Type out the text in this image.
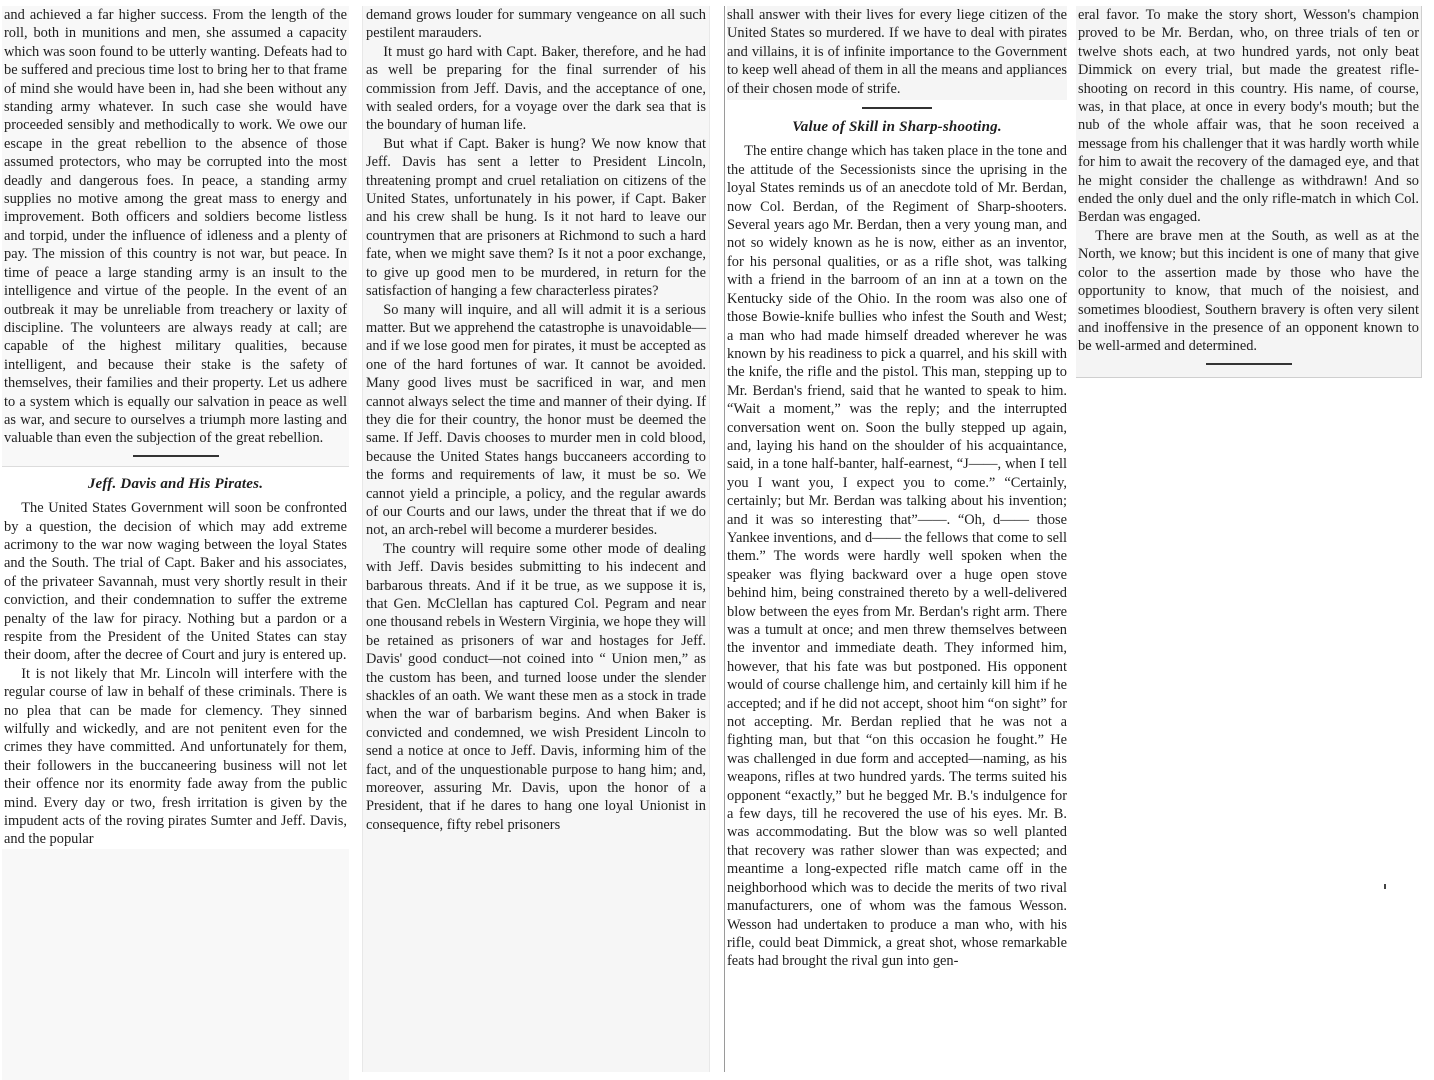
and achieved a far higher success. From the length of the roll, both in munitions and men, she assumed a capacity which was soon found to be utterly wanting. Defeats had to be suffered and precious time lost to bring her to that frame of mind she would have been in, had she been without any standing army whatever. In such case she would have proceeded sensibly and methodically to work. We owe our escape in the great rebellion to the absence of those assumed protectors, who may be corrupted into the most deadly and dangerous foes. In peace, a standing army supplies no motive among the great mass to energy and improvement. Both officers and soldiers become listless and torpid, under the influence of idleness and a plenty of pay. The mission of this country is not war, but peace. In time of peace a large standing army is an insult to the intelligence and virtue of the people. In the event of an outbreak it may be unreliable from treachery or laxity of discipline. The volunteers are always ready at call; are capable of the highest military qualities, because intelligent, and because their stake is the safety of themselves, their families and their property. Let us adhere to a system which is equally our salvation in peace as well as war, and secure to ourselves a triumph more lasting and valuable than even the subjection of the great rebellion.

Jeff. Davis and His Pirates.

The United States Government will soon be confronted by a question, the decision of which may add extreme acrimony to the war now waging between the loyal States and the South. The trial of Capt. Baker and his associates, of the privateer Savannah, must very shortly result in their conviction, and their condemnation to suffer the extreme penalty of the law for piracy. Nothing but a pardon or a respite from the President of the United States can stay their doom, after the decree of Court and jury is entered up.

It is not likely that Mr. Lincoln will interfere with the regular course of law in behalf of these criminals. There is no plea that can be made for clemency. They sinned wilfully and wickedly, and are not penitent even for the crimes they have committed. And unfortunately for them, their followers in the buccaneering business will not let their offence nor its enormity fade away from the public mind. Every day or two, fresh irritation is given by the impudent acts of the roving pirates Sumter and Jeff. Davis, and the popular

demand grows louder for summary vengeance on all such pestilent marauders.

It must go hard with Capt. Baker, therefore, and he had as well be preparing for the final surrender of his commission from Jeff. Davis, and the acceptance of one, with sealed orders, for a voyage over the dark sea that is the boundary of human life.

But what if Capt. Baker is hung? We now know that Jeff. Davis has sent a letter to President Lincoln, threatening prompt and cruel retaliation on citizens of the United States, unfortunately in his power, if Capt. Baker and his crew shall be hung. Is it not hard to leave our countrymen that are prisoners at Richmond to such a hard fate, when we might save them? Is it not a poor exchange, to give up good men to be murdered, in return for the satisfaction of hanging a few characterless pirates?

So many will inquire, and all will admit it is a serious matter. But we apprehend the catastrophe is unavoidable—and if we lose good men for pirates, it must be accepted as one of the hard fortunes of war. It cannot be avoided. Many good lives must be sacrificed in war, and men cannot always select the time and manner of their dying. If they die for their country, the honor must be deemed the same. If Jeff. Davis chooses to murder men in cold blood, because the United States hangs buccaneers according to the forms and requirements of law, it must be so. We cannot yield a principle, a policy, and the regular awards of our Courts and our laws, under the threat that if we do not, an arch-rebel will become a murderer besides.

The country will require some other mode of dealing with Jeff. Davis besides submitting to his indecent and barbarous threats. And if it be true, as we suppose it is, that Gen. McClellan has captured Col. Pegram and near one thousand rebels in Western Virginia, we hope they will be retained as prisoners of war and hostages for Jeff. Davis' good conduct—not coined into “ Union men,” as the custom has been, and turned loose under the slender shackles of an oath. We want these men as a stock in trade when the war of barbarism begins. And when Baker is convicted and condemned, we wish President Lincoln to send a notice at once to Jeff. Davis, informing him of the fact, and of the unquestionable purpose to hang him; and, moreover, assuring Mr. Davis, upon the honor of a President, that if he dares to hang one loyal Unionist in consequence, fifty rebel prisoners

shall answer with their lives for every liege citizen of the United States so murdered. If we have to deal with pirates and villains, it is of infinite importance to the Government to keep well ahead of them in all the means and appliances of their chosen mode of strife.

Value of Skill in Sharp-shooting.

The entire change which has taken place in the tone and the attitude of the Secessionists since the uprising in the loyal States reminds us of an anecdote told of Mr. Berdan, now Col. Berdan, of the Regiment of Sharp-shooters. Several years ago Mr. Berdan, then a very young man, and not so widely known as he is now, either as an inventor, for his personal qualities, or as a rifle shot, was talking with a friend in the barroom of an inn at a town on the Kentucky side of the Ohio. In the room was also one of those Bowie-knife bullies who infest the South and West; a man who had made himself dreaded wherever he was known by his readiness to pick a quarrel, and his skill with the knife, the rifle and the pistol. This man, stepping up to Mr. Berdan's friend, said that he wanted to speak to him. “Wait a moment,” was the reply; and the interrupted conversation went on. Soon the bully stepped up again, and, laying his hand on the shoulder of his acquaintance, said, in a tone half-banter, half-earnest, “J——, when I tell you I want you, I expect you to come.” “Certainly, certainly; but Mr. Berdan was talking about his invention; and it was so interesting that”——. “Oh, d—— those Yankee inventions, and d—— the fellows that come to sell them.” The words were hardly well spoken when the speaker was flying backward over a huge open stove behind him, being constrained thereto by a well-delivered blow between the eyes from Mr. Berdan's right arm. There was a tumult at once; and men threw themselves between the inventor and immediate death. They informed him, however, that his fate was but postponed. His opponent would of course challenge him, and certainly kill him if he accepted; and if he did not accept, shoot him “on sight” for not accepting. Mr. Berdan replied that he was not a fighting man, but that “on this occasion he fought.” He was challenged in due form and accepted—naming, as his weapons, rifles at two hundred yards. The terms suited his opponent “exactly,” but he begged Mr. B.'s indulgence for a few days, till he recovered the use of his eyes. Mr. B. was accommodating. But the blow was so well planted that recovery was rather slower than was expected; and meantime a long-expected rifle match came off in the neighborhood which was to decide the merits of two rival manufacturers, one of whom was the famous Wesson. Wesson had undertaken to produce a man who, with his rifle, could beat Dimmick, a great shot, whose remarkable feats had brought the rival gun into gen-

eral favor. To make the story short, Wesson's champion proved to be Mr. Berdan, who, on three trials of ten or twelve shots each, at two hundred yards, not only beat Dimmick on every trial, but made the greatest rifle-shooting on record in this country. His name, of course, was, in that place, at once in every body's mouth; but the nub of the whole affair was, that he soon received a message from his challenger that it was hardly worth while for him to await the recovery of the damaged eye, and that he might consider the challenge as withdrawn! And so ended the only duel and the only rifle-match in which Col. Berdan was engaged.

There are brave men at the South, as well as at the North, we know; but this incident is one of many that give color to the assertion made by those who have the opportunity to know, that much of the noisiest, and sometimes bloodiest, Southern bravery is often very silent and inoffensive in the presence of an opponent known to be well-armed and determined.
